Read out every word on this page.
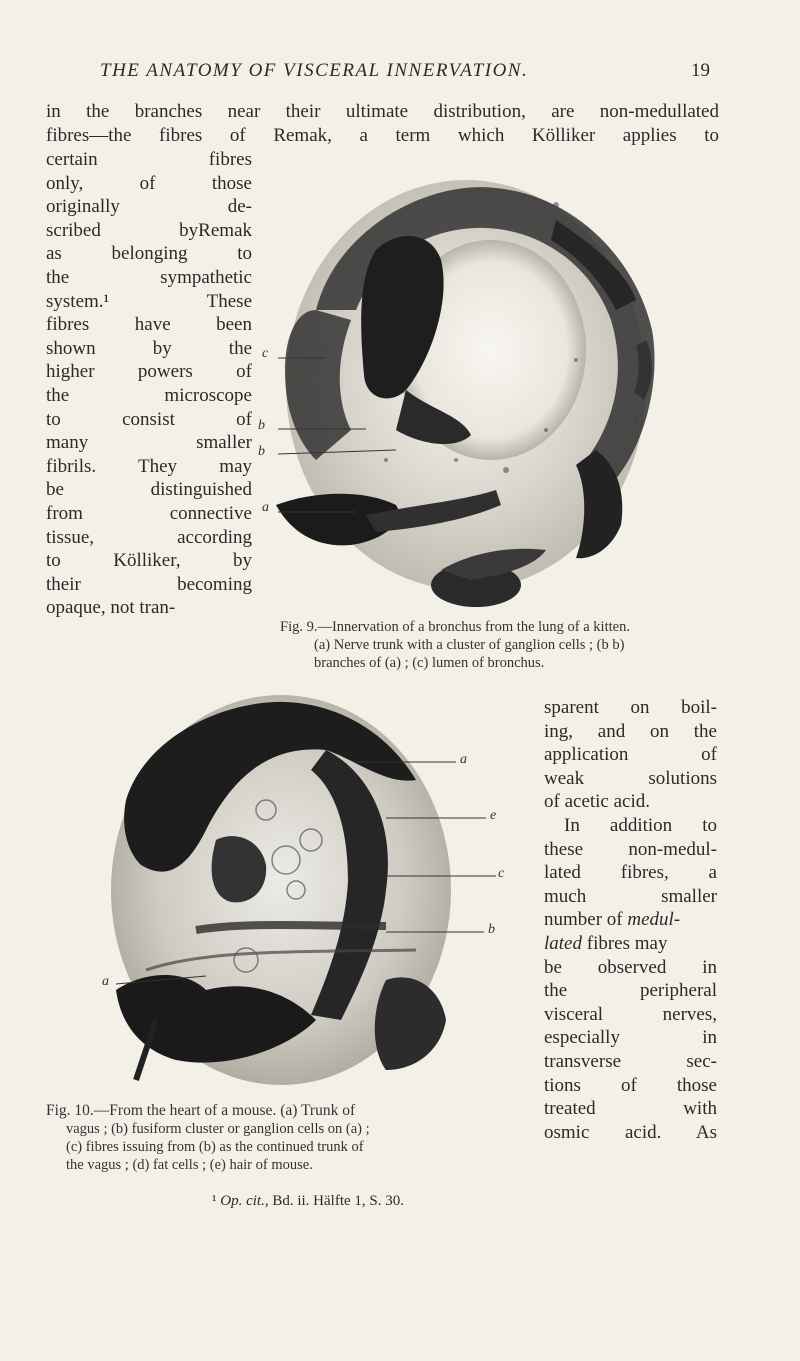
THE ANATOMY OF VISCERAL INNERVATION.	19
in the branches near their ultimate distribution, are non-medullated
fibres—the fibres of Remak, a term which Kölliker applies to
certain fibres
only, of those
originally de-
scribed byRemak
as belonging to
the sympathetic
system.¹ These
fibres have been
shown by the
higher powers of
the microscope
to consist of
many smaller
fibrils. They may
be distinguished
from connective
tissue, according
to Kölliker, by
their becoming
opaque, not tran-
c
b
b
a
Fig. 9.—Innervation of a bronchus from the lung of a kitten.
(a) Nerve trunk with a cluster of ganglion cells ; (b b)
branches of (a) ; (c) lumen of bronchus.
a
e
c
b
a
Fig. 10.—From the heart of a mouse. (a) Trunk of
vagus ; (b) fusiform cluster or ganglion cells on (a) ;
(c) fibres issuing from (b) as the continued trunk of
the vagus ; (d) fat cells ; (e) hair of mouse.
sparent on boil-
ing, and on the
application of
weak solutions
of acetic acid.
In addition to
these non-medul-
lated fibres, a
much smaller
number of medul-
lated fibres may
be observed in
the peripheral
visceral nerves,
especially in
transverse sec-
tions of those
treated with
osmic acid. As
¹ Op. cit., Bd. ii. Hälfte 1, S. 30.
